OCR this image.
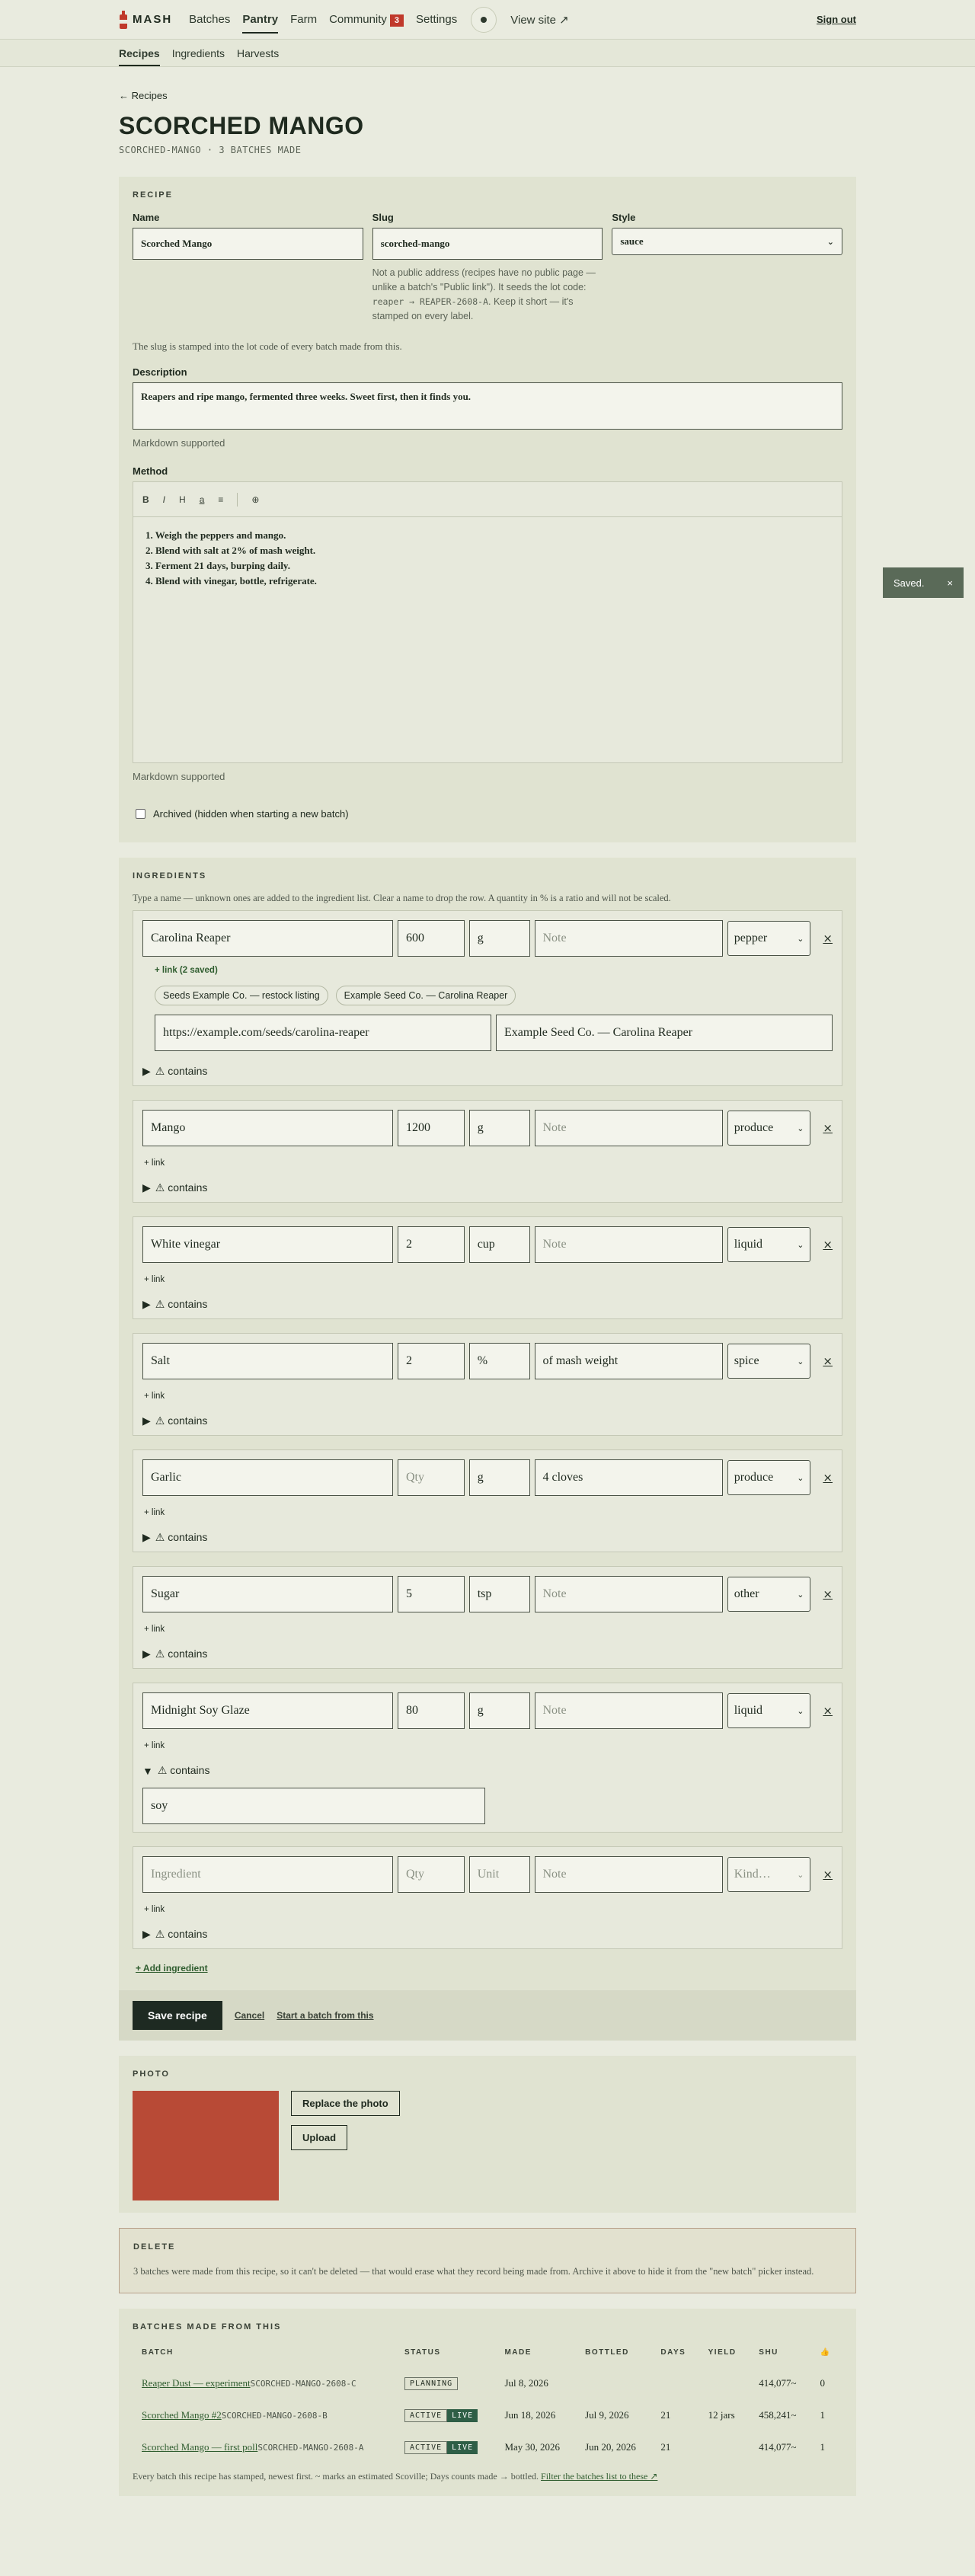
MASH Batches Pantry Farm Community 3	Settings	View site ↗	Sign out
Recipes Ingredients Harvests
← Recipes
SCORCHED MANGO
SCORCHED-MANGO · 3 BATCHES MADE
RECIPE
Name
Scorched Mango
Slug
scorched-mango
Not a public address (recipes have no public page — unlike a batch's "Public link"). It seeds the lot code: reaper → REAPER-2608-A. Keep it short — it's stamped on every label.
Style
sauce	⌄
The slug is stamped into the lot code of every batch made from this.
Description
Reapers and ripe mango, fermented three weeks. Sweet first, then it finds you.
Markdown supported
Method
B I H a ≡	⊕
1. Weigh the peppers and mango.
2. Blend with salt at 2% of mash weight.
3. Ferment 21 days, burping daily.
4. Blend with vinegar, bottle, refrigerate.
Markdown supported
Archived (hidden when starting a new batch)
INGREDIENTS
Type a name — unknown ones are added to the ingredient list. Clear a name to drop the row. A quantity in % is a ratio and will not be scaled.
Carolina Reaper	600	g	Note	pepper	⌄ ×
+ link (2 saved)
Seeds Example Co. — restock listing	Example Seed Co. — Carolina Reaper
https://example.com/seeds/carolina-reaper	Example Seed Co. — Carolina Reaper
▶ ⚠ contains
Mango	1200	g	Note	produce	⌄ ×
+ link
▶ ⚠ contains
White vinegar	2	cup	Note	liquid	⌄ ×
+ link
▶ ⚠ contains
Salt	2	%	of mash weight	spice	⌄ ×
+ link
▶ ⚠ contains
Garlic	Qty	g	4 cloves	produce	⌄ ×
+ link
▶ ⚠ contains
Sugar	5	tsp	Note	other	⌄ ×
+ link
▶ ⚠ contains
Midnight Soy Glaze	80	g	Note	liquid	⌄ ×
+ link
▼ ⚠ contains
soy
Ingredient	Qty	Unit	Note	Kind…	⌄ ×
+ link
▶ ⚠ contains
+ Add ingredient
Save recipe	Cancel Start a batch from this
PHOTO
Replace the photo
Upload
DELETE

3 batches were made from this recipe, so it can't be deleted — that would erase what they record being made from. Archive it above to hide it from the "new batch" picker instead.

BATCHES MADE FROM THIS
BATCH	STATUS	MADE	BOTTLED	DAYS	YIELD	SHU	👍
Reaper Dust — experimentSCORCHED-MANGO-2608-C	PLANNING	Jul 8, 2026				414,077~	0
Scorched Mango #2SCORCHED-MANGO-2608-B	ACTIVE LIVE	Jun 18, 2026	Jul 9, 2026	21	12 jars	458,241~	1
Scorched Mango — first pollSCORCHED-MANGO-2608-A	ACTIVE LIVE	May 30, 2026	Jun 20, 2026	21		414,077~	1
Every batch this recipe has stamped, newest first. ~ marks an estimated Scoville; Days counts made → bottled. Filter the batches list to these ↗
Saved. ×
